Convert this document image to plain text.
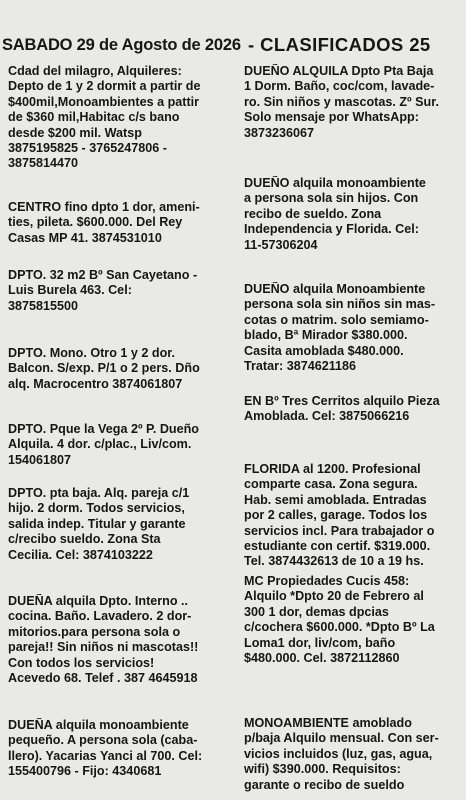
SABADO 29 de Agosto de 2026 - CLASIFICADOS 25
Cdad del milagro, Alquileres:
Depto de 1 y 2 dormit a partir de
$400mil,Monoambientes a pattir
de $360 mil,Habitac c/s bano
desde $200 mil. Watsp
3875195825 - 3765247806 -
3875814470
CENTRO fino dpto 1 dor, ameni-
ties, pileta. $600.000. Del Rey
Casas MP 41. 3874531010
DPTO. 32 m2 Bº San Cayetano -
Luis Burela 463. Cel:
3875815500
DPTO. Mono. Otro 1 y 2 dor.
Balcon. S/exp. P/1 o 2 pers. Dño
alq. Macrocentro 3874061807
DPTO. Pque la Vega 2º P. Dueño
Alquila. 4 dor. c/plac., Liv/com.
154061807
DPTO. pta baja. Alq. pareja c/1
hijo. 2 dorm. Todos servicios,
salida indep. Titular y garante
c/recibo sueldo. Zona Sta
Cecilia. Cel: 3874103222
DUEÑA alquila Dpto. Interno ..
cocina. Baño. Lavadero. 2 dor-
mitorios.para persona sola o
pareja!! Sin niños ni mascotas!!
Con todos los servicios!
Acevedo 68. Telef . 387 4645918
DUEÑA alquila monoambiente
pequeño. A persona sola (caba-
llero). Yacarias Yanci al 700. Cel:
155400796 - Fijo: 4340681
DUEÑO ALQUILA Dpto Pta Baja
1 Dorm. Baño, coc/com, lavade-
ro. Sin niños y mascotas. Zº Sur.
Solo mensaje por WhatsApp:
3873236067
DUEÑO alquila monoambiente
a persona sola sin hijos. Con
recibo de sueldo. Zona
Independencia y Florida. Cel:
11-57306204
DUEÑO alquila Monoambiente
persona sola sin niños sin mas-
cotas o matrim. solo semiamo-
blado, Bª Mirador $380.000.
Casita amoblada $480.000.
Tratar: 3874621186
EN Bº Tres Cerritos alquilo Pieza
Amoblada. Cel: 3875066216
FLORIDA al 1200. Profesional
comparte casa. Zona segura.
Hab. semi amoblada. Entradas
por 2 calles, garage. Todos los
servicios incl. Para trabajador o
estudiante con certif. $319.000.
Tel. 3874432613 de 10 a 19 hs.
MC Propiedades Cucis 458:
Alquilo *Dpto 20 de Febrero al
300 1 dor, demas dpcias
c/cochera $600.000. *Dpto Bº La
Loma1 dor, liv/com, baño
$480.000. Cel. 3872112860
MONOAMBIENTE amoblado
p/baja Alquilo mensual. Con ser-
vicios incluidos (luz, gas, agua,
wifi) $390.000. Requisitos:
garante o recibo de sueldo
